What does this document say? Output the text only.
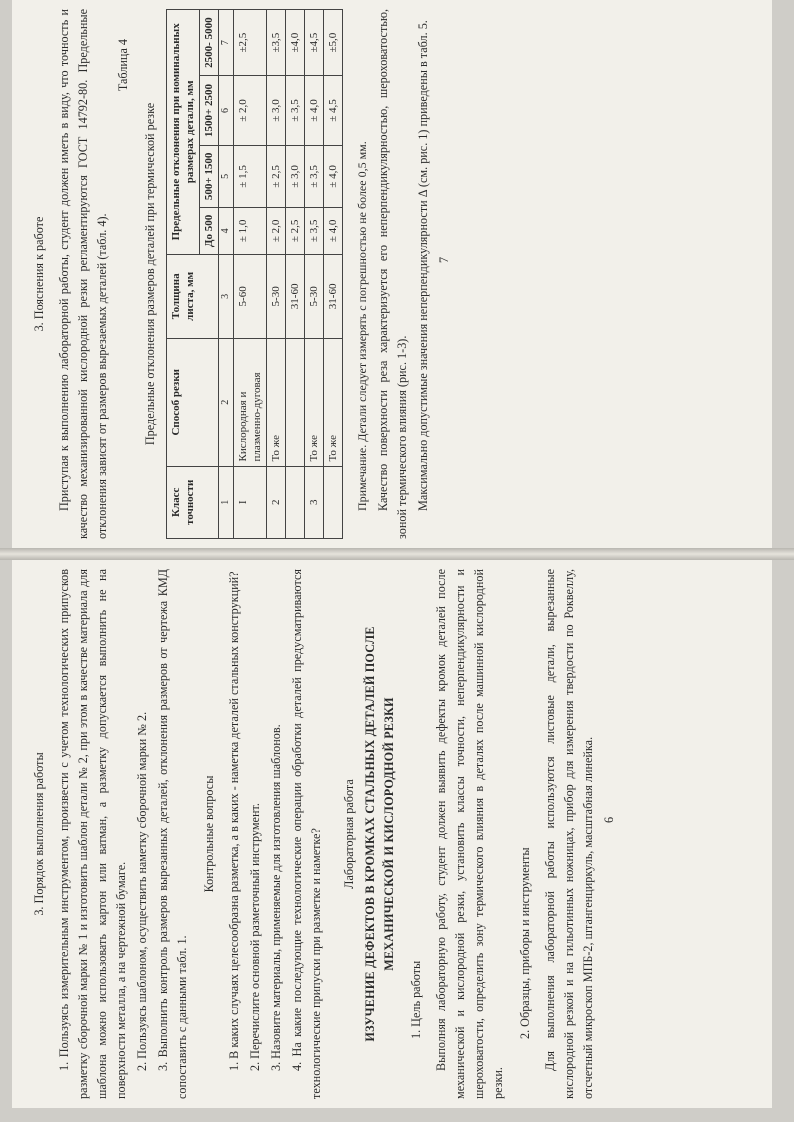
3. Пояснения к работе Приступая к выполнению лабораторной работы, студент должен иметь в виду, что точность и качество механизированной кислородной резки регламентируются ГОСТ 14792-80. Предельные отклонения зависят от размеров вырезаемых деталей (табл. 4).

Таблица 4

Предельные отклонения размеров деталей при термической резке

Класс точности	Способ резки	Толщина листа, мм	Предельные отклонения при номинальных размерах детали, мм			
			До 500	500+ 1500	1500+ 2500	2500- 5000
1	2	3	4	5	6	7
I	Кислородная и плазменно-дуговая	5-60	± 1,0	± 1,5	± 2,0	±2,5
2	То же	5-30	± 2,0	± 2,5	± 3,0	±3,5
		31-60	± 2,5	± 3,0	± 3,5	±4,0
3	То же	5-30	± 3,5	± 3,5	± 4,0	±4,5
	То же	31-60	± 4,0	± 4,0	± 4,5	±5,0

Примечание. Детали следует измерять с погрешностью не более 0,5 мм. Качество поверхности реза характеризуется его неперпендикулярностью, шероховатостью, зоной термического влияния (рис. 1-3). Максимально допустимые значения неперпендикулярности Δ (см. рис. 1) приведены в табл. 5. 7

3. Порядок выполнения работы 1. Пользуясь измерительным инструментом, произвести с учетом технологических припусков разметку сборочной марки № 1 и изготовить шаблон детали № 2, при этом в качестве материала для шаблона можно использовать картон или ватман, а разметку допускается выполнить не на поверхности металла, а на чертежной бумаге. 2. Пользуясь шаблоном, осуществить наметку сборочной марки № 2. 3. Выполнить контроль размеров вырезанных деталей, отклонения размеров от чертежа КМД сопоставить с данными табл. 1.

Контрольные вопросы 1. В каких случаях целесообразна разметка, а в каких - наметка деталей стальных конструкций? 2. Перечислите основной разметочный инструмент. 3. Назовите материалы, применяемые для изготовления шаблонов. 4. На какие последующие технологические операции обработки деталей предусматриваются технологические припуски при разметке и наметке? Лабораторная работа ИЗУЧЕНИЕ ДЕФЕКТОВ В КРОМКАХ СТАЛЬНЫХ ДЕТАЛЕЙ ПОСЛЕ МЕХАНИЧЕСКОЙ И КИСЛОРОДНОЙ РЕЗКИ

1. Цель работы Выполняя лабораторную работу, студент должен выявить дефекты кромок деталей после механической и кислородной резки, установить классы точности, неперпендикулярности и шероховатости, определить зону термического влияния в деталях после машинной кислородной резки.

2. Образцы, приборы и инструменты Для выполнения лабораторной работы используются листовые детали, вырезанные кислородной резкой и на гильотинных ножницах, прибор для измерения твердости по Роквеллу, отсчетный микроскоп МПБ-2, штангенциркуль, масштабная линейка. 6
